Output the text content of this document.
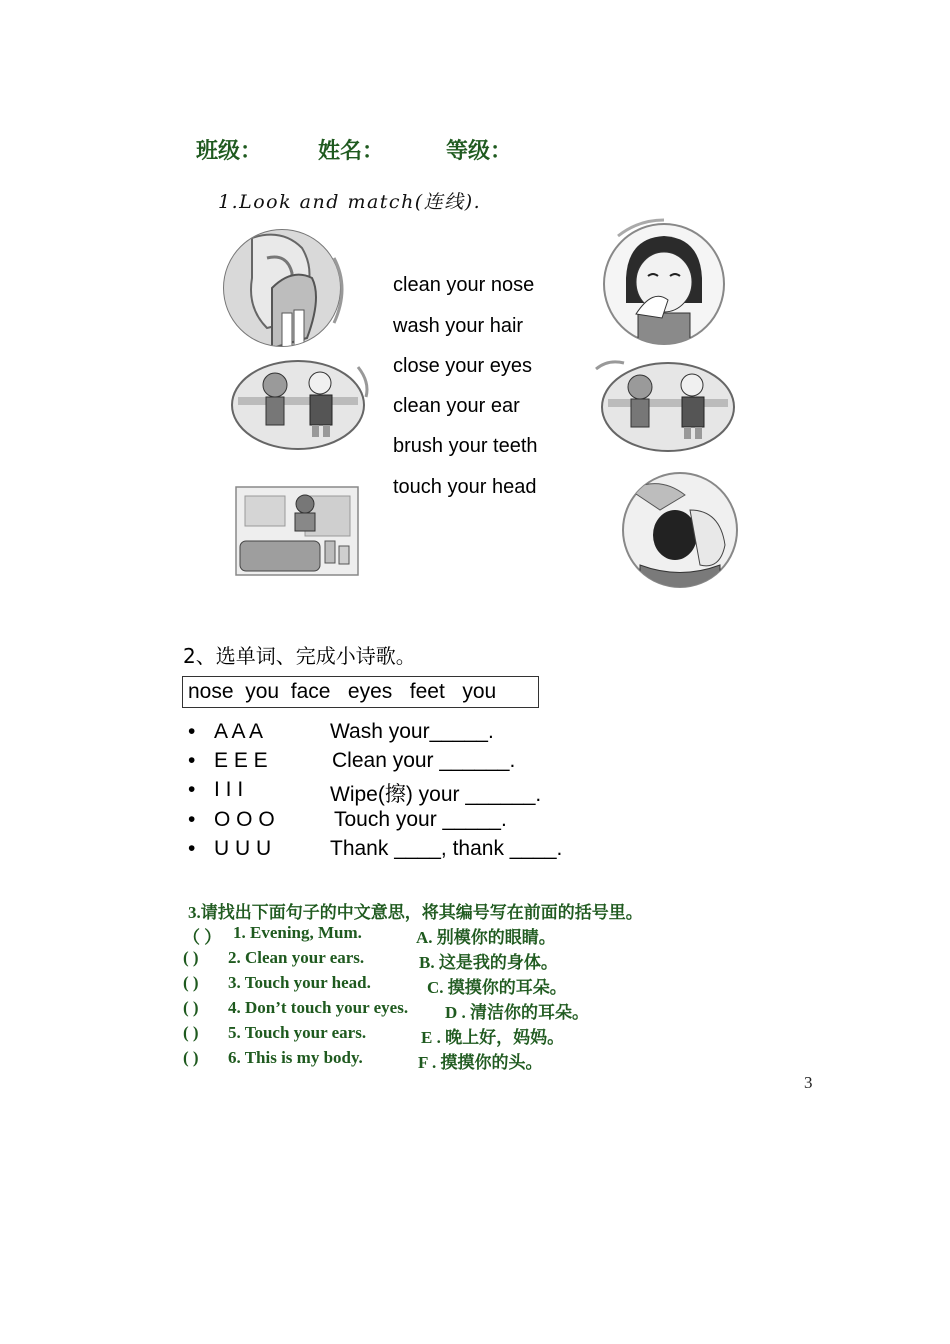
班级：	姓名：	等级：
1.Look and match(连线).
clean your nose
wash your hair
close your eyes
clean your ear
brush your teeth
touch your head
2、选单词、完成小诗歌。
nose  you  face   eyes   feet   you
• A A A	Wash your_____.
• E E E	Clean your ______.
• I I I	Wipe(擦) your ______.
• O O O	Touch your _____.
• U U U	Thank ____, thank ____.
3.请找出下面句子的中文意思，将其编号写在前面的括号里。
（ ） 1. Evening, Mum.	A. 别模你的眼睛。
( ) 2. Clean your ears.	B. 这是我的身体。
( ) 3. Touch your head.	C. 摸摸你的耳朵。
( ) 4. Don’t touch your eyes. D . 清洁你的耳朵。
( ) 5. Touch your ears.	E . 晚上好，妈妈。
( ) 6. This is my body.	F . 摸摸你的头。
3
